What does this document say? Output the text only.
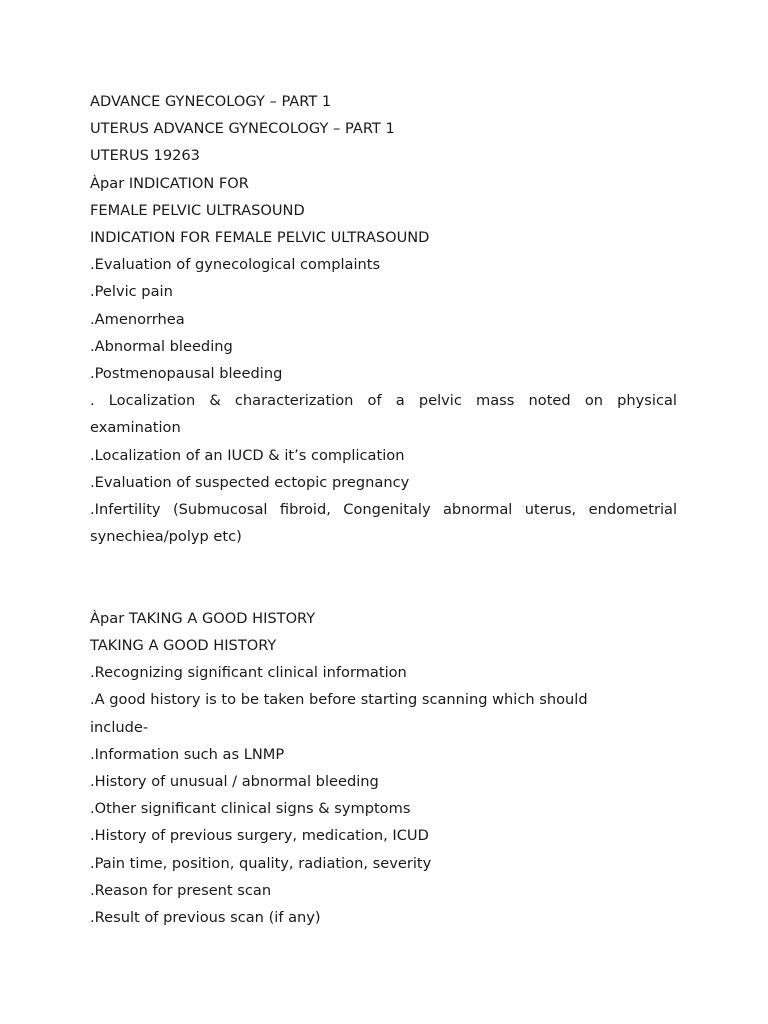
ADVANCE GYNECOLOGY – PART 1

UTERUS ADVANCE GYNECOLOGY – PART 1

UTERUS 19263

Àpar INDICATION FOR

FEMALE PELVIC ULTRASOUND

INDICATION FOR FEMALE PELVIC ULTRASOUND

.Evaluation of gynecological complaints

.Pelvic pain

.Amenorrhea

.Abnormal bleeding

.Postmenopausal bleeding

. Localization & characterization of a pelvic mass noted on physical examination

.Localization of an IUCD & it’s complication

.Evaluation of suspected ectopic pregnancy

.Infertility (Submucosal fibroid, Congenitaly abnormal uterus, endometrial synechiea/polyp etc)

Àpar TAKING A GOOD HISTORY

TAKING A GOOD HISTORY

.Recognizing significant clinical information

.A good history is to be taken before starting scanning which should include-

.Information such as LNMP

.History of unusual / abnormal bleeding

.Other significant clinical signs & symptoms

.History of previous surgery, medication, ICUD

.Pain time, position, quality, radiation, severity

.Reason for present scan

.Result of previous scan (if any)
